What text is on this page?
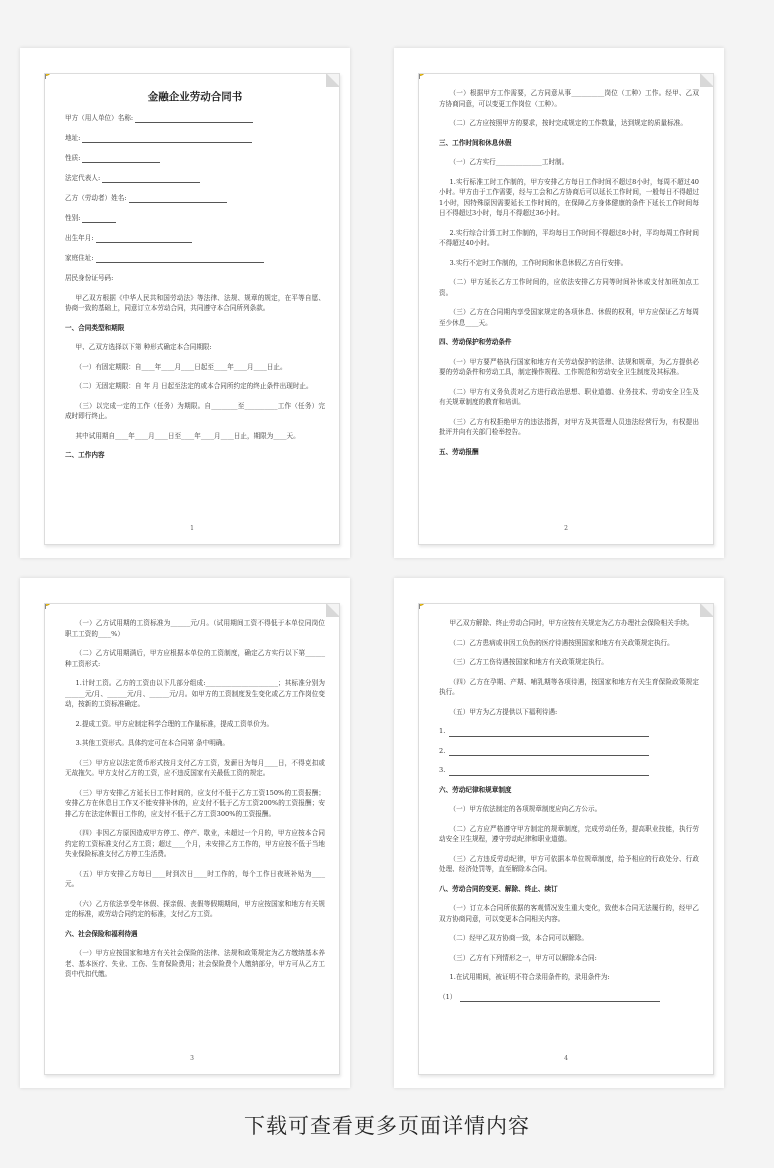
金融企业劳动合同书
甲方（用人单位）名称:
地址:
性质:
法定代表人:
乙方（劳动者）姓名:
性别:
出生年月:
家庭住址:
居民身份证号码:
甲乙双方根据《中华人民共和国劳动法》等法律、法规、规章的规定，在平等自愿、协商一致的基础上，同意订立本劳动合同，共同遵守本合同所列条款。
一、合同类型和期限
甲、乙双方选择以下第 种形式确定本合同期限:
（一）有固定期限：自____年____月____日起至____年____月____日止。
（二）无固定期限：自 年 月 日起至法定的或本合同所约定的终止条件出现时止。
（三）以完成一定的工作（任务）为期限。自________至__________工作（任务）完成时即行终止。
其中试用期自____年____月____日至____年____月____日止，期限为____天。
二、工作内容
1
（一）根据甲方工作需要，乙方同意从事__________岗位（工种）工作。经甲、乙双方协商同意，可以变更工作岗位（工种）。
（二）乙方应按照甲方的要求，按时完成规定的工作数量，达到规定的质量标准。
三、工作时间和休息休假
（一）乙方实行______________工时制。
1.实行标准工时工作制的，甲方安排乙方每日工作时间不超过8小时，每周不超过40小时。甲方由于工作需要，经与工会和乙方协商后可以延长工作时间，一般每日不得超过1小时，因特殊原因需要延长工作时间的，在保障乙方身体健康的条件下延长工作时间每日不得超过3小时，每月不得超过36小时。
2.实行综合计算工时工作制的，平均每日工作时间不得超过8小时，平均每周工作时间不得超过40小时。
3.实行不定时工作制的，工作时间和休息休假乙方自行安排。
（二）甲方延长乙方工作时间的，应依法安排乙方同等时间补休或支付加班加点工资。
（三）乙方在合同期内享受国家规定的各项休息、休假的权利，甲方应保证乙方每周至少休息____天。
四、劳动保护和劳动条件
（一）甲方要严格执行国家和地方有关劳动保护的法律、法规和规章，为乙方提供必要的劳动条件和劳动工具，制定操作规程、工作规范和劳动安全卫生制度及其标准。
（二）甲方有义务负责对乙方进行政治思想、职业道德、业务技术、劳动安全卫生及有关规章制度的教育和培训。
（三）乙方有权拒绝甲方的违法指挥，对甲方及其管理人员违法经营行为，有权提出批评并向有关部门检举控告。
五、劳动报酬
2
（一）乙方试用期的工资标准为______元/月。（试用期间工资不得低于本单位同岗位职工工资的____%）
（二）乙方试用期满后，甲方应根据本单位的工资制度，确定乙方实行以下第______种工资形式:
1.计时工资。乙方的工资由以下几部分组成:______________________；其标准分别为______元/月、______元/月、______元/月。如甲方的工资制度发生变化或乙方工作岗位变动，按新的工资标准确定。
2.提成工资。甲方应制定科学合理的工作量标准，提成工资单价为。
3.其他工资形式。具体约定可在本合同第 条中明确。
（三）甲方应以法定货币形式按月支付乙方工资，发薪日为每月____日，不得克扣或无故拖欠。甲方支付乙方的工资，应不违反国家有关最低工资的规定。
（三）甲方安排乙方延长日工作时间的，应支付不低于乙方工资150%的工资报酬；安排乙方在休息日工作又不能安排补休的，应支付不低于乙方工资200%的工资报酬；安排乙方在法定休假日工作的，应支付不低于乙方工资300%的工资报酬。
（四）非因乙方原因造成甲方停工、停产、歇业，未超过一个月的，甲方应按本合同约定的工资标准支付乙方工资；超过____个月，未安排乙方工作的，甲方应按不低于当地失业保险标准支付乙方停工生活费。
（五）甲方安排乙方每日____时到次日____时工作的，每个工作日夜班补贴为____元。
（六）乙方依法享受年休假、探亲假、丧假等假期期间，甲方应按国家和地方有关规定的标准，或劳动合同约定的标准，支付乙方工资。
六、社会保险和福利待遇
（一）甲方应按国家和地方有关社会保险的法律、法规和政策规定为乙方缴纳基本养老、基本医疗、失业、工伤、生育保险费用；社会保险费个人缴纳部分，甲方可从乙方工资中代扣代缴。
3
甲乙双方解除、终止劳动合同时，甲方应按有关规定为乙方办理社会保险相关手续。
（二）乙方患病或非因工负伤的医疗待遇按照国家和地方有关政策规定执行。
（三）乙方工伤待遇按国家和地方有关政策规定执行。
（四）乙方在孕期、产期、哺乳期等各项待遇，按国家和地方有关生育保险政策规定执行。
（五）甲方为乙方提供以下福利待遇:
1.
2.
3.
六、劳动纪律和规章制度
（一）甲方依法制定的各项规章制度应向乙方公示。
（二）乙方应严格遵守甲方制定的规章制度，完成劳动任务，提高职业技能，执行劳动安全卫生规程，遵守劳动纪律和职业道德。
（三）乙方违反劳动纪律，甲方可依据本单位规章制度，给予相应的行政处分、行政处理、经济处罚等，直至解除本合同。
八、劳动合同的变更、解除、终止、续订
（一）订立本合同所依据的客观情况发生重大变化，致使本合同无法履行的，经甲乙双方协商同意，可以变更本合同相关内容。
（二）经甲乙双方协商一致，本合同可以解除。
（三）乙方有下列情形之一，甲方可以解除本合同:
1.在试用期间，被证明不符合录用条件的，录用条件为:
（1）
4
下载可查看更多页面详情内容
